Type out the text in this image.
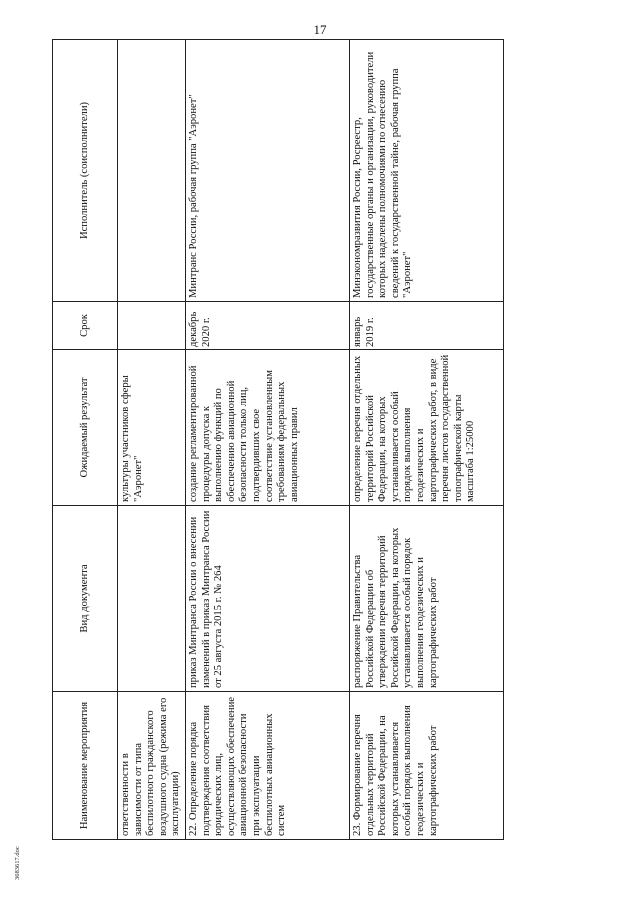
17
Наименование мероприятия	Вид документа	Ожидаемый результат	Срок	Исполнитель (соисполнители)
ответственности в зависимости от типа беспилотного гражданского воздушного судна (режима его эксплуатации)		культуры участников сферы "Аэронет"		
22. Определение порядка подтверждения соответствия юридических лиц, осуществляющих обеспечение авиационной безопасности при эксплуатации беспилотных авиационных систем	приказ Минтранса России о внесении изменений в приказ Минтранса России от 25 августа 2015 г. № 264	создание регламентированной процедуры допуска к выполнению функций по обеспечению авиационной безопасности только лиц, подтвердивших свое соответствие установленным требованиям федеральных авиационных правил	декабрь 2020 г.	Минтранс России, рабочая группа "Аэронет"
23. Формирование перечня отдельных территорий Российской Федерации, на которых устанавливается особый порядок выполнения геодезических и картографических работ	распоряжение Правительства Российской Федерации об утверждении перечня территорий Российской Федерации, на которых устанавливается особый порядок выполнения геодезических и картографических работ	определение перечня отдельных территорий Российской Федерации, на которых устанавливается особый порядок выполнения геодезических и картографических работ, в виде перечня листов государственной топографической карты масштаба 1:25000	январь 2019 г.	Минэкономразвития России, Росреестр, государственные органы и организации, руководители которых наделены полномочиями по отнесению сведений к государственной тайне, рабочая группа "Аэронет"
3683617.doc
